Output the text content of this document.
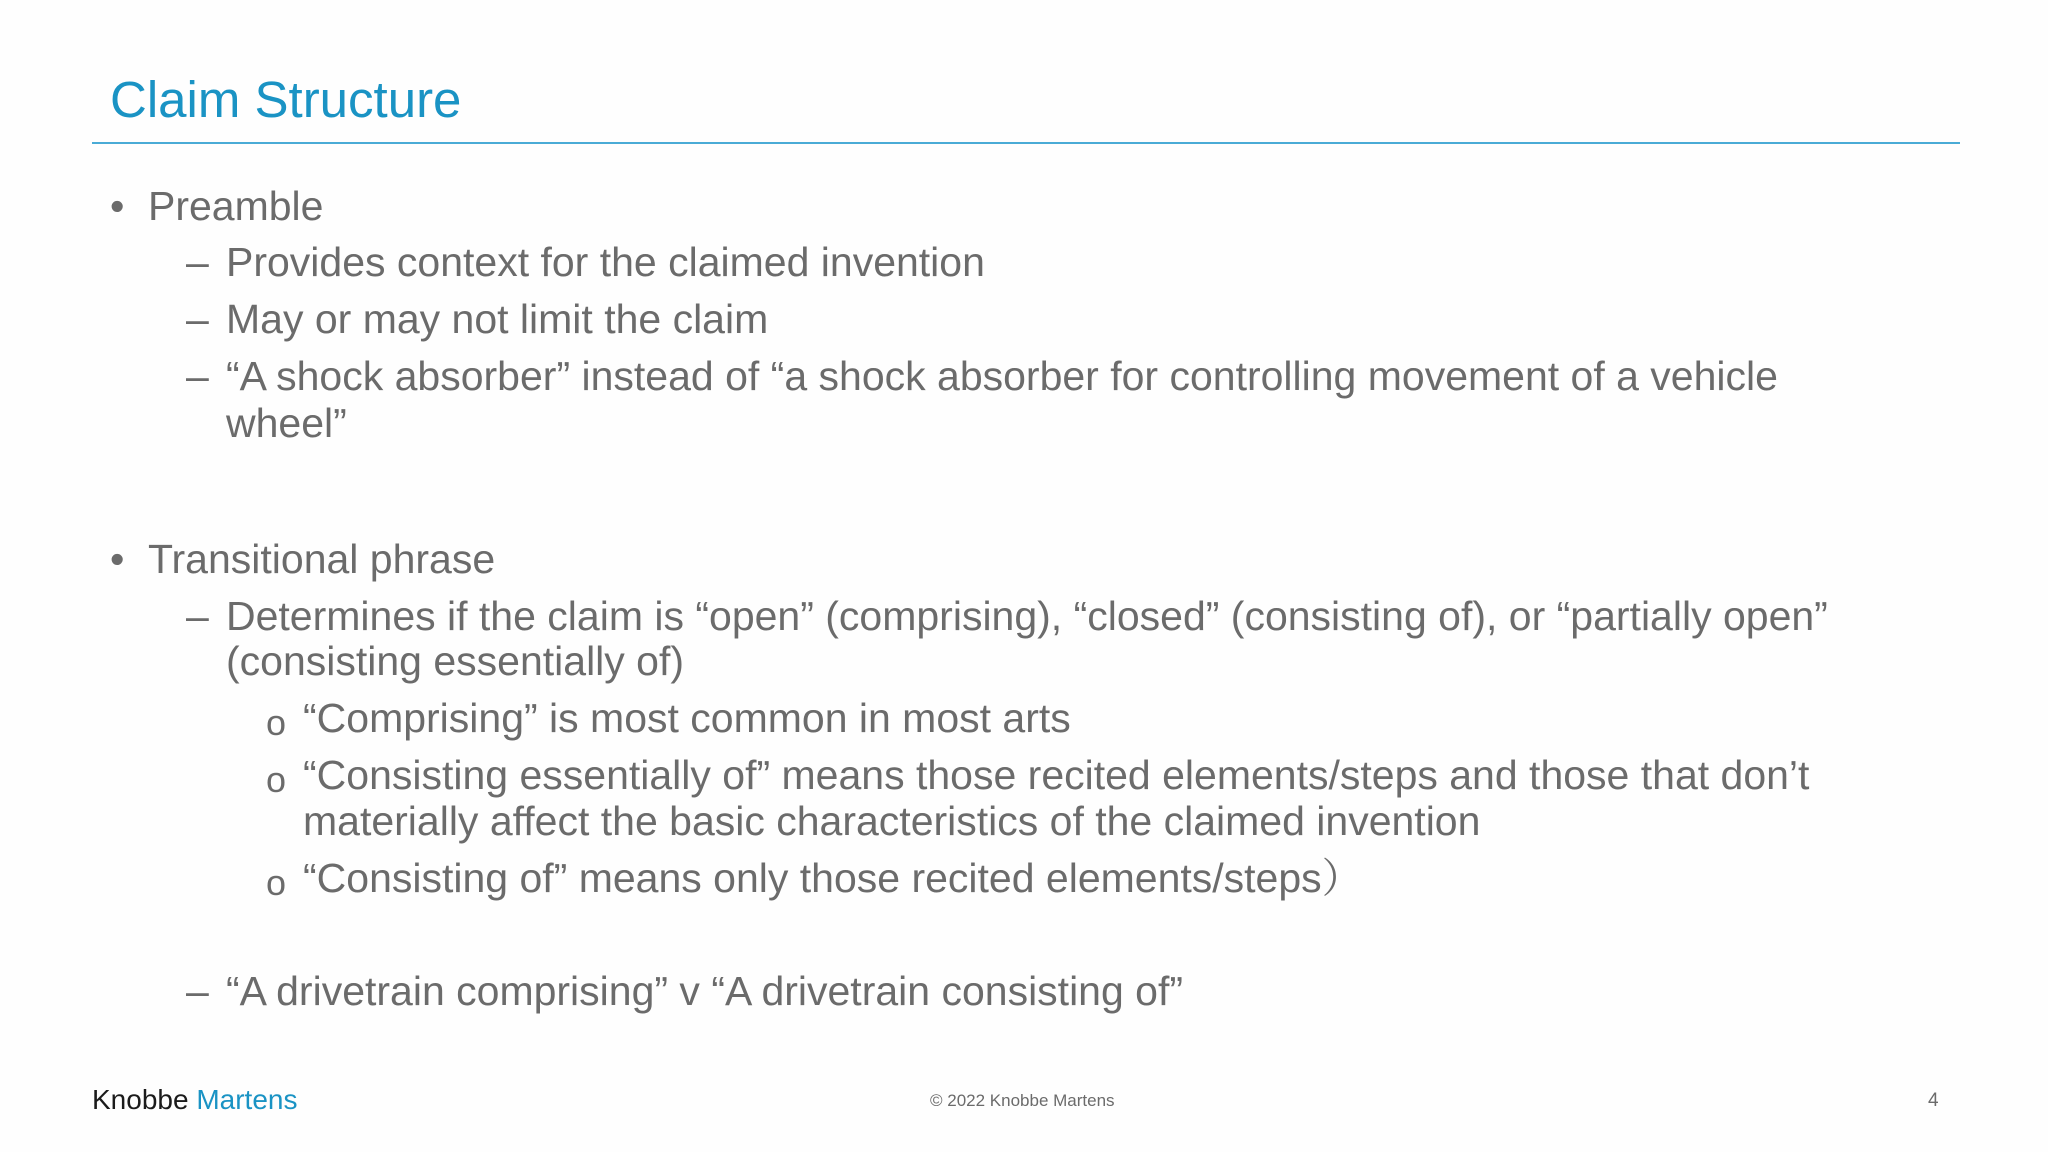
Claim Structure
• Preamble
– Provides context for the claimed invention
– May or may not limit the claim
– “A shock absorber” instead of “a shock absorber for controlling movement of a vehicle
wheel”
• Transitional phrase
– Determines if the claim is “open” (comprising), “closed” (consisting of), or “partially open”
(consisting essentially of)
o “Comprising” is most common in most arts
o “Consisting essentially of” means those recited elements/steps and those that don’t
materially affect the basic characteristics of the claimed invention
o “Consisting of” means only those recited elements/steps）
– “A drivetrain comprising” v “A drivetrain consisting of”
Knobbe Martens	© 2022 Knobbe Martens	4
